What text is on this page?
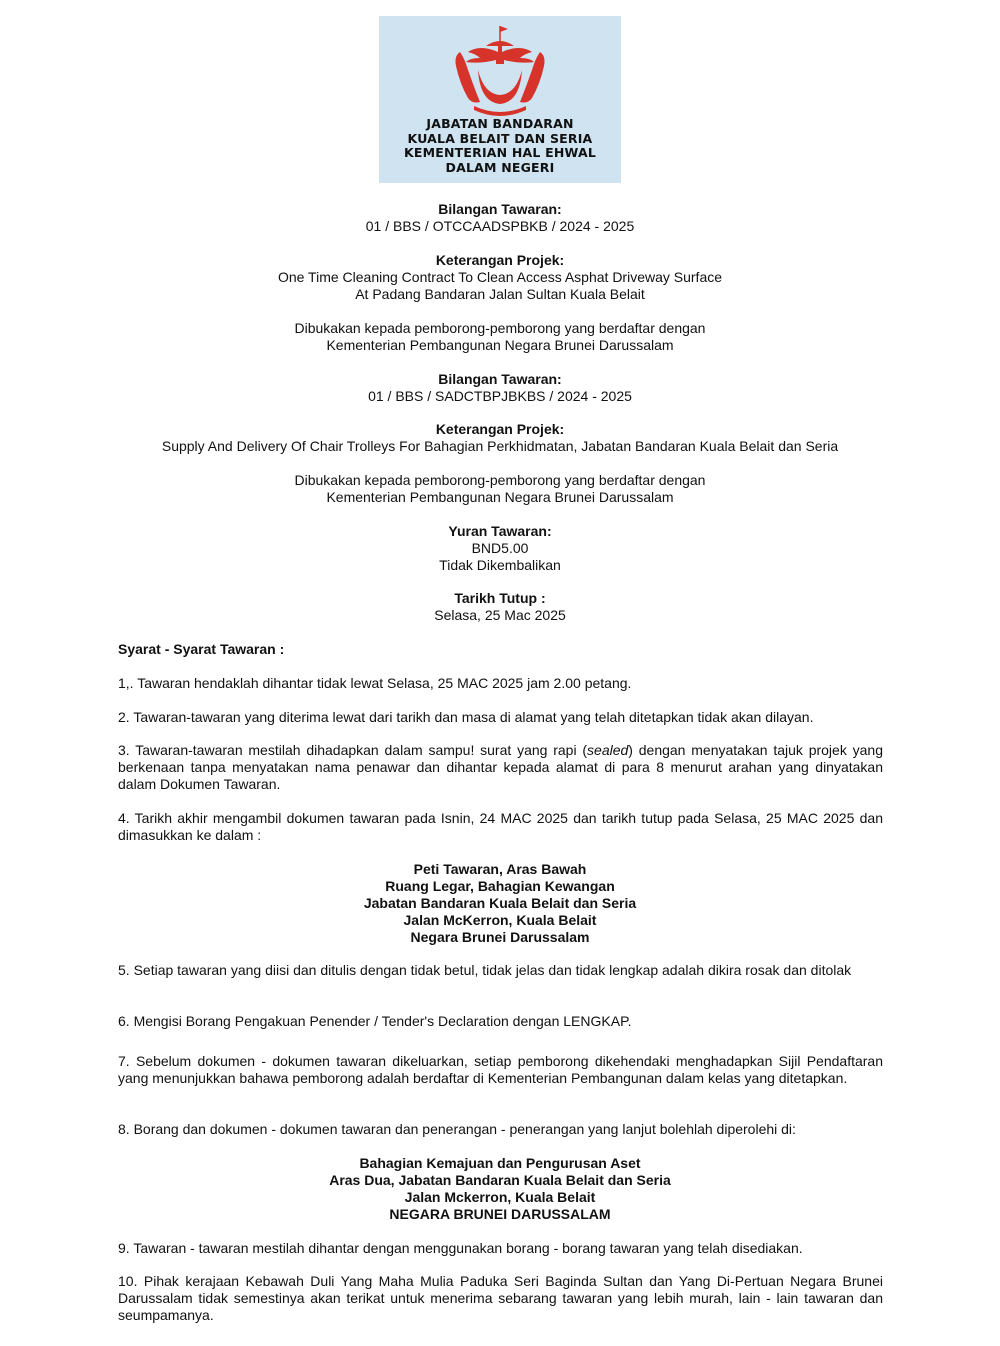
JABATAN BANDARAN
KUALA BELAIT DAN SERIA
KEMENTERIAN HAL EHWAL
DALAM NEGERI
Bilangan Tawaran:
01 / BBS / OTCCAADSPBKB / 2024 - 2025
Keterangan Projek:
One Time Cleaning Contract To Clean Access Asphat Driveway Surface
At Padang Bandaran Jalan Sultan Kuala Belait
Dibukakan kepada pemborong-pemborong yang berdaftar dengan
Kementerian Pembangunan Negara Brunei Darussalam
Bilangan Tawaran:
01 / BBS / SADCTBPJBKBS / 2024 - 2025
Keterangan Projek:
Supply And Delivery Of Chair Trolleys For Bahagian Perkhidmatan, Jabatan Bandaran Kuala Belait dan Seria
Dibukakan kepada pemborong-pemborong yang berdaftar dengan
Kementerian Pembangunan Negara Brunei Darussalam
Yuran Tawaran:
BND5.00
Tidak Dikembalikan
Tarikh Tutup :
Selasa, 25 Mac 2025
Syarat - Syarat Tawaran :
1,. Tawaran hendaklah dihantar tidak lewat Selasa, 25 MAC 2025 jam 2.00 petang.
2. Tawaran-tawaran yang diterima lewat dari tarikh dan masa di alamat yang telah ditetapkan tidak akan dilayan.
3. Tawaran-tawaran mestilah dihadapkan dalam sampu! surat yang rapi (sealed) dengan menyatakan tajuk projek yang berkenaan tanpa menyatakan nama penawar dan dihantar kepada alamat di para 8 menurut arahan yang dinyatakan dalam Dokumen Tawaran.
4. Tarikh akhir mengambil dokumen tawaran pada Isnin, 24 MAC 2025 dan tarikh tutup pada Selasa, 25 MAC 2025 dan dimasukkan ke dalam :
Peti Tawaran, Aras Bawah
Ruang Legar, Bahagian Kewangan
Jabatan Bandaran Kuala Belait dan Seria
Jalan McKerron, Kuala Belait
Negara Brunei Darussalam
5. Setiap tawaran yang diisi dan ditulis dengan tidak betul, tidak jelas dan tidak lengkap adalah dikira rosak dan ditolak
6. Mengisi Borang Pengakuan Penender / Tender's Declaration dengan LENGKAP.
7. Sebelum dokumen - dokumen tawaran dikeluarkan, setiap pemborong dikehendaki menghadapkan Sijil Pendaftaran yang menunjukkan bahawa pemborong adalah berdaftar di Kementerian Pembangunan dalam kelas yang ditetapkan.
8. Borang dan dokumen - dokumen tawaran dan penerangan - penerangan yang lanjut bolehlah diperolehi di:
Bahagian Kemajuan dan Pengurusan Aset
Aras Dua, Jabatan Bandaran Kuala Belait dan Seria
Jalan Mckerron, Kuala Belait
NEGARA BRUNEI DARUSSALAM
9. Tawaran - tawaran mestilah dihantar dengan menggunakan borang - borang tawaran yang telah disediakan.
10. Pihak kerajaan Kebawah Duli Yang Maha Mulia Paduka Seri Baginda Sultan dan Yang Di-Pertuan Negara Brunei Darussalam tidak semestinya akan terikat untuk menerima sebarang tawaran yang lebih murah, lain - lain tawaran dan seumpamanya.
